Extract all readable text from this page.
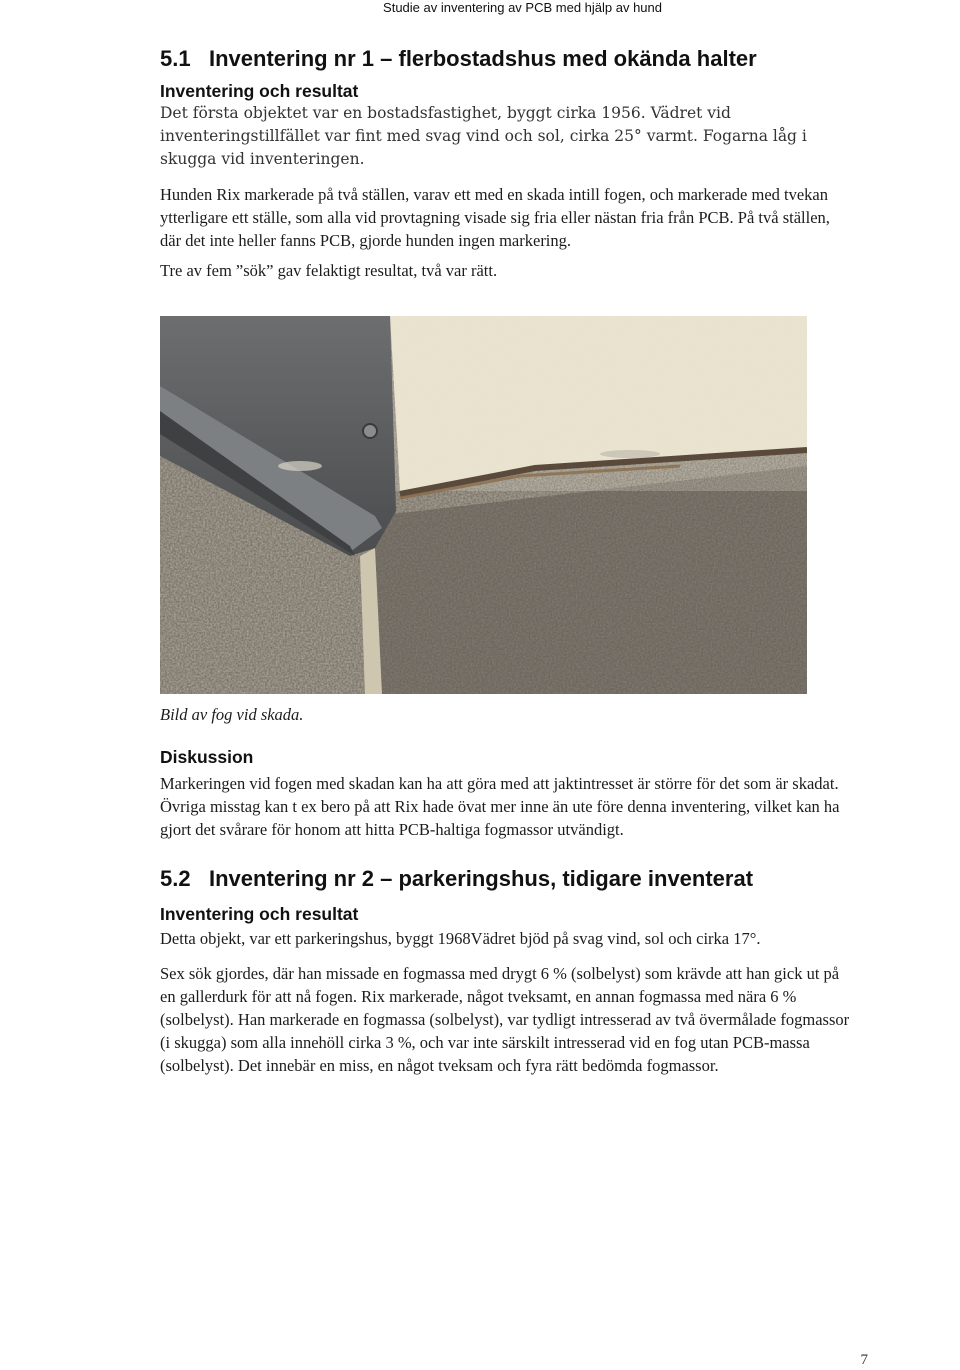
Studie av inventering av PCB med hjälp av hund
5.1 Inventering nr 1 – flerbostadshus med okända halter
Inventering och resultat

Det första objektet var en bostadsfastighet, byggt cirka 1956. Vädret vid inventeringstillfället var fint med svag vind och sol, cirka 25° varmt. Fogarna låg i skugga vid inventeringen.

Hunden Rix markerade på två ställen, varav ett med en skada intill fogen, och markerade med tvekan ytterligare ett ställe, som alla vid provtagning visade sig fria eller nästan fria från PCB. På två ställen, där det inte heller fanns PCB, gjorde hunden ingen markering.

Tre av fem ”sök” gav felaktigt resultat, två var rätt.

Bild av fog vid skada.
Diskussion

Markeringen vid fogen med skadan kan ha att göra med att jaktintresset är större för det som är skadat. Övriga misstag kan t ex bero på att Rix hade övat mer inne än ute före denna inventering, vilket kan ha gjort det svårare för honom att hitta PCB-haltiga fogmassor utvändigt.

5.2 Inventering nr 2 – parkeringshus, tidigare inventerat
Inventering och resultat

Detta objekt, var ett parkeringshus, byggt 1968Vädret bjöd på svag vind, sol och cirka 17°.

Sex sök gjordes, där han missade en fogmassa med drygt 6 % (solbelyst) som krävde att han gick ut på en gallerdurk för att nå fogen. Rix markerade, något tveksamt, en annan fogmassa med nära 6 % (solbelyst). Han markerade en fogmassa (solbelyst), var tydligt intresserad av två övermålade fogmassor (i skugga) som alla innehöll cirka 3 %, och var inte särskilt intresserad vid en fog utan PCB-massa (solbelyst). Det innebär en miss, en något tveksam och fyra rätt bedömda fogmassor.

7
